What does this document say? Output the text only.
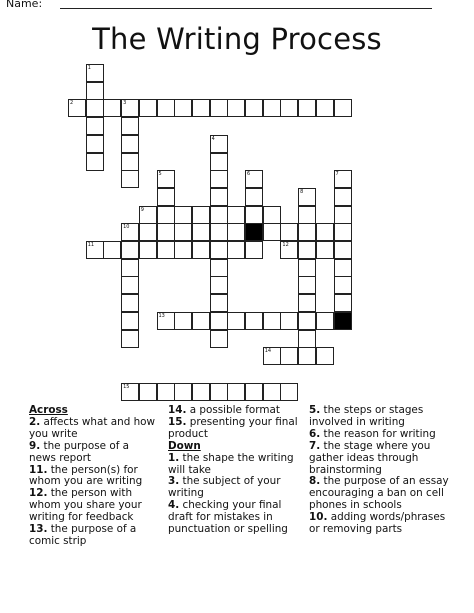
Name:
The Writing Process
1
2	3
4
5	6	7
8
9
10
11	12
13
14
15
Across
2. affects what and how you write
9. the purpose of a news report
11. the person(s) for whom you are writing
12. the person with whom you share your writing for feedback
13. the purpose of a comic strip
14. a possible format
15. presenting your final product
Down
1. the shape the writing will take
3. the subject of your writing
4. checking your final draft for mistakes in punctuation or spelling
5. the steps or stages involved in writing
6. the reason for writing
7. the stage where you gather ideas through brainstorming
8. the purpose of an essay encouraging a ban on cell phones in schools
10. adding words/phrases or removing parts
